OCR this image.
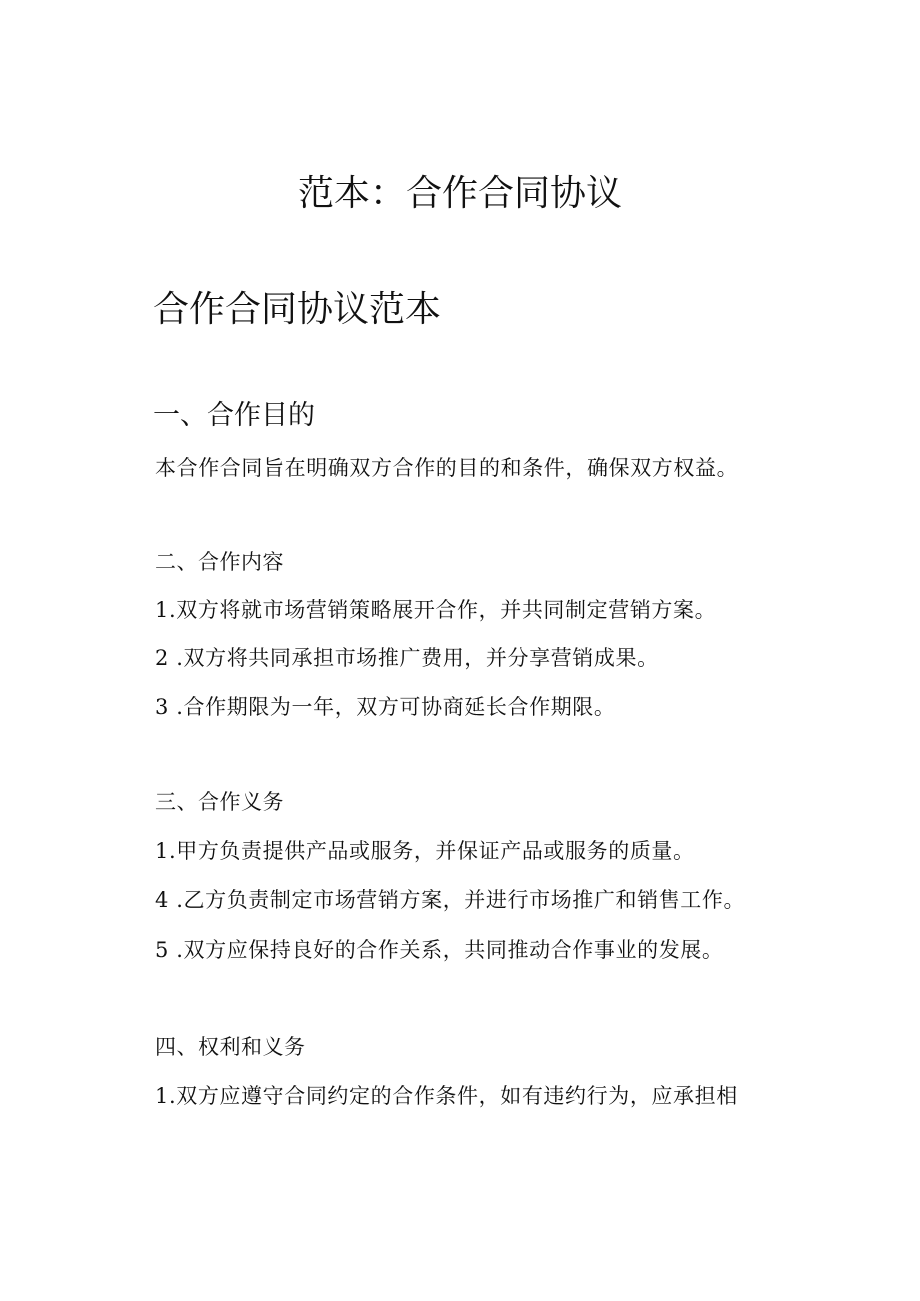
范本：合作合同协议
合作合同协议范本
一、合作目的

本合作合同旨在明确双方合作的目的和条件，确保双方权益。

二、合作内容

1.双方将就市场营销策略展开合作，并共同制定营销方案。

2 .双方将共同承担市场推广费用，并分享营销成果。

3 .合作期限为一年，双方可协商延长合作期限。

三、合作义务

1.甲方负责提供产品或服务，并保证产品或服务的质量。

4 .乙方负责制定市场营销方案，并进行市场推广和销售工作。

5 .双方应保持良好的合作关系，共同推动合作事业的发展。

四、权利和义务

1.双方应遵守合同约定的合作条件，如有违约行为，应承担相
